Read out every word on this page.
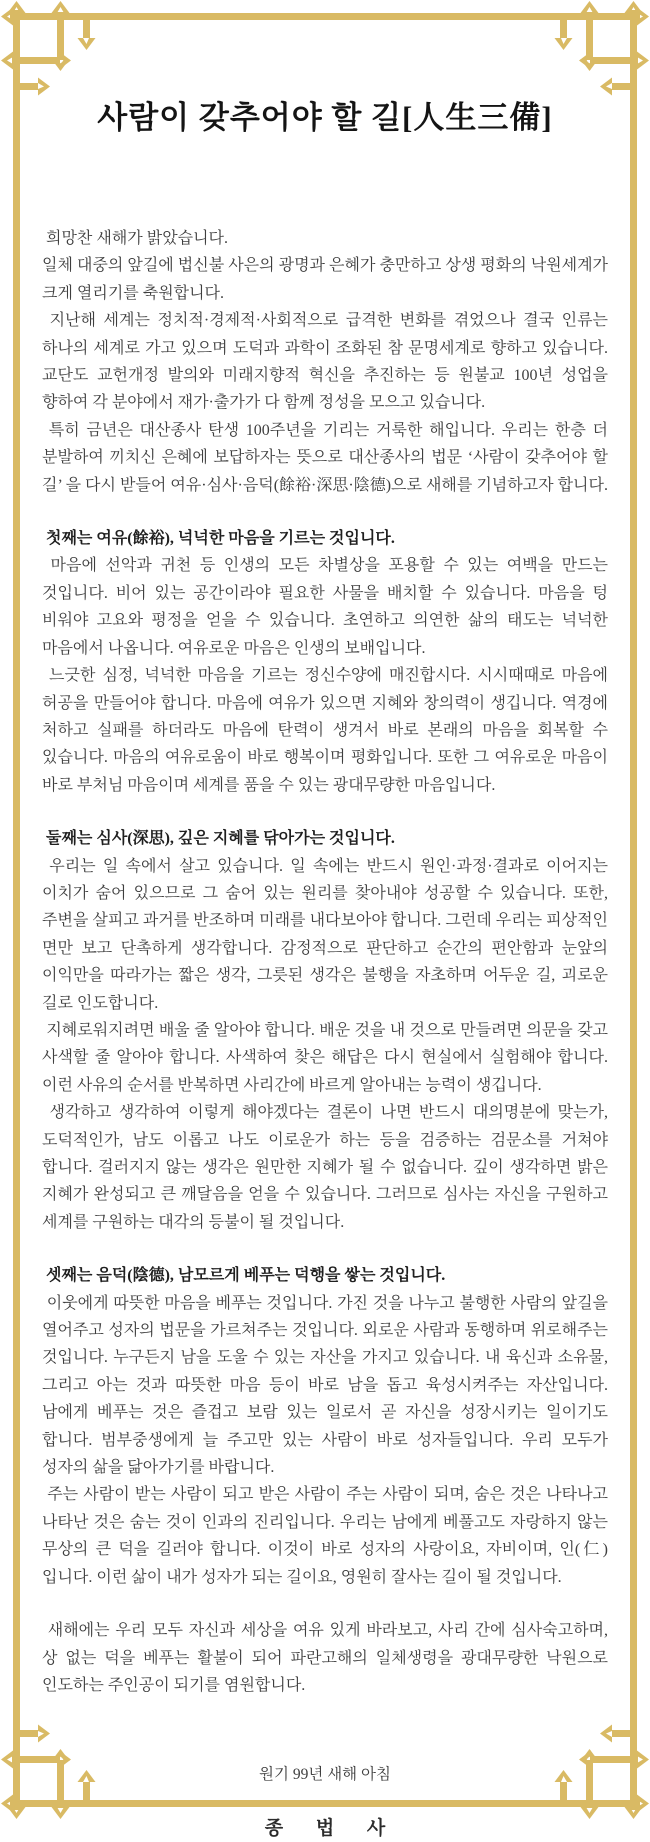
사람이 갖추어야 할 길[人生三備]

희망찬 새해가 밝았습니다.

일체 대중의 앞길에 법신불 사은의 광명과 은혜가 충만하고 상생 평화의 낙원세계가 크게 열리기를 축원합니다.

지난해 세계는 정치적·경제적·사회적으로 급격한 변화를 겪었으나 결국 인류는 하나의 세계로 가고 있으며 도덕과 과학이 조화된 참 문명세계로 향하고 있습니다. 교단도 교헌개정 발의와 미래지향적 혁신을 추진하는 등 원불교 100년 성업을 향하여 각 분야에서 재가·출가가 다 함께 정성을 모으고 있습니다.

특히 금년은 대산종사 탄생 100주년을 기리는 거룩한 해입니다. 우리는 한층 더 분발하여 끼치신 은혜에 보답하자는 뜻으로 대산종사의 법문 ‘사람이 갖추어야 할 길’ 을 다시 받들어 여유·심사·음덕(餘裕·深思·陰德)으로 새해를 기념하고자 합니다.

첫째는 여유(餘裕), 넉넉한 마음을 기르는 것입니다.

마음에 선악과 귀천 등 인생의 모든 차별상을 포용할 수 있는 여백을 만드는 것입니다. 비어 있는 공간이라야 필요한 사물을 배치할 수 있습니다. 마음을 텅 비워야 고요와 평정을 얻을 수 있습니다. 초연하고 의연한 삶의 태도는 넉넉한 마음에서 나옵니다. 여유로운 마음은 인생의 보배입니다.

느긋한 심정, 넉넉한 마음을 기르는 정신수양에 매진합시다. 시시때때로 마음에 허공을 만들어야 합니다. 마음에 여유가 있으면 지혜와 창의력이 생깁니다. 역경에 처하고 실패를 하더라도 마음에 탄력이 생겨서 바로 본래의 마음을 회복할 수 있습니다. 마음의 여유로움이 바로 행복이며 평화입니다. 또한 그 여유로운 마음이 바로 부처님 마음이며 세계를 품을 수 있는 광대무량한 마음입니다.

둘째는 심사(深思), 깊은 지혜를 닦아가는 것입니다.

우리는 일 속에서 살고 있습니다. 일 속에는 반드시 원인·과정·결과로 이어지는 이치가 숨어 있으므로 그 숨어 있는 원리를 찾아내야 성공할 수 있습니다. 또한, 주변을 살피고 과거를 반조하며 미래를 내다보아야 합니다. 그런데 우리는 피상적인 면만 보고 단촉하게 생각합니다. 감정적으로 판단하고 순간의 편안함과 눈앞의 이익만을 따라가는 짧은 생각, 그릇된 생각은 불행을 자초하며 어두운 길, 괴로운 길로 인도합니다.

지혜로워지려면 배울 줄 알아야 합니다. 배운 것을 내 것으로 만들려면 의문을 갖고 사색할 줄 알아야 합니다. 사색하여 찾은 해답은 다시 현실에서 실험해야 합니다. 이런 사유의 순서를 반복하면 사리간에 바르게 알아내는 능력이 생깁니다.

생각하고 생각하여 이렇게 해야겠다는 결론이 나면 반드시 대의명분에 맞는가, 도덕적인가, 남도 이롭고 나도 이로운가 하는 등을 검증하는 검문소를 거쳐야 합니다. 걸러지지 않는 생각은 원만한 지혜가 될 수 없습니다. 깊이 생각하면 밝은 지혜가 완성되고 큰 깨달음을 얻을 수 있습니다. 그러므로 심사는 자신을 구원하고 세계를 구원하는 대각의 등불이 될 것입니다.

셋째는 음덕(陰德), 남모르게 베푸는 덕행을 쌓는 것입니다.

이웃에게 따뜻한 마음을 베푸는 것입니다. 가진 것을 나누고 불행한 사람의 앞길을 열어주고 성자의 법문을 가르쳐주는 것입니다. 외로운 사람과 동행하며 위로해주는 것입니다. 누구든지 남을 도울 수 있는 자산을 가지고 있습니다. 내 육신과 소유물, 그리고 아는 것과 따뜻한 마음 등이 바로 남을 돕고 육성시켜주는 자산입니다. 남에게 베푸는 것은 즐겁고 보람 있는 일로서 곧 자신을 성장시키는 일이기도 합니다. 범부중생에게 늘 주고만 있는 사람이 바로 성자들입니다. 우리 모두가 성자의 삶을 닮아가기를 바랍니다.

주는 사람이 받는 사람이 되고 받은 사람이 주는 사람이 되며, 숨은 것은 나타나고 나타난 것은 숨는 것이 인과의 진리입니다. 우리는 남에게 베풀고도 자랑하지 않는 무상의 큰 덕을 길러야 합니다. 이것이 바로 성자의 사랑이요, 자비이며, 인(仁)입니다. 이런 삶이 내가 성자가 되는 길이요, 영원히 잘사는 길이 될 것입니다.

새해에는 우리 모두 자신과 세상을 여유 있게 바라보고, 사리 간에 심사숙고하며, 상 없는 덕을 베푸는 활불이 되어 파란고해의 일체생령을 광대무량한 낙원으로 인도하는 주인공이 되기를 염원합니다.

원기 99년 새해 아침

종 법 사
